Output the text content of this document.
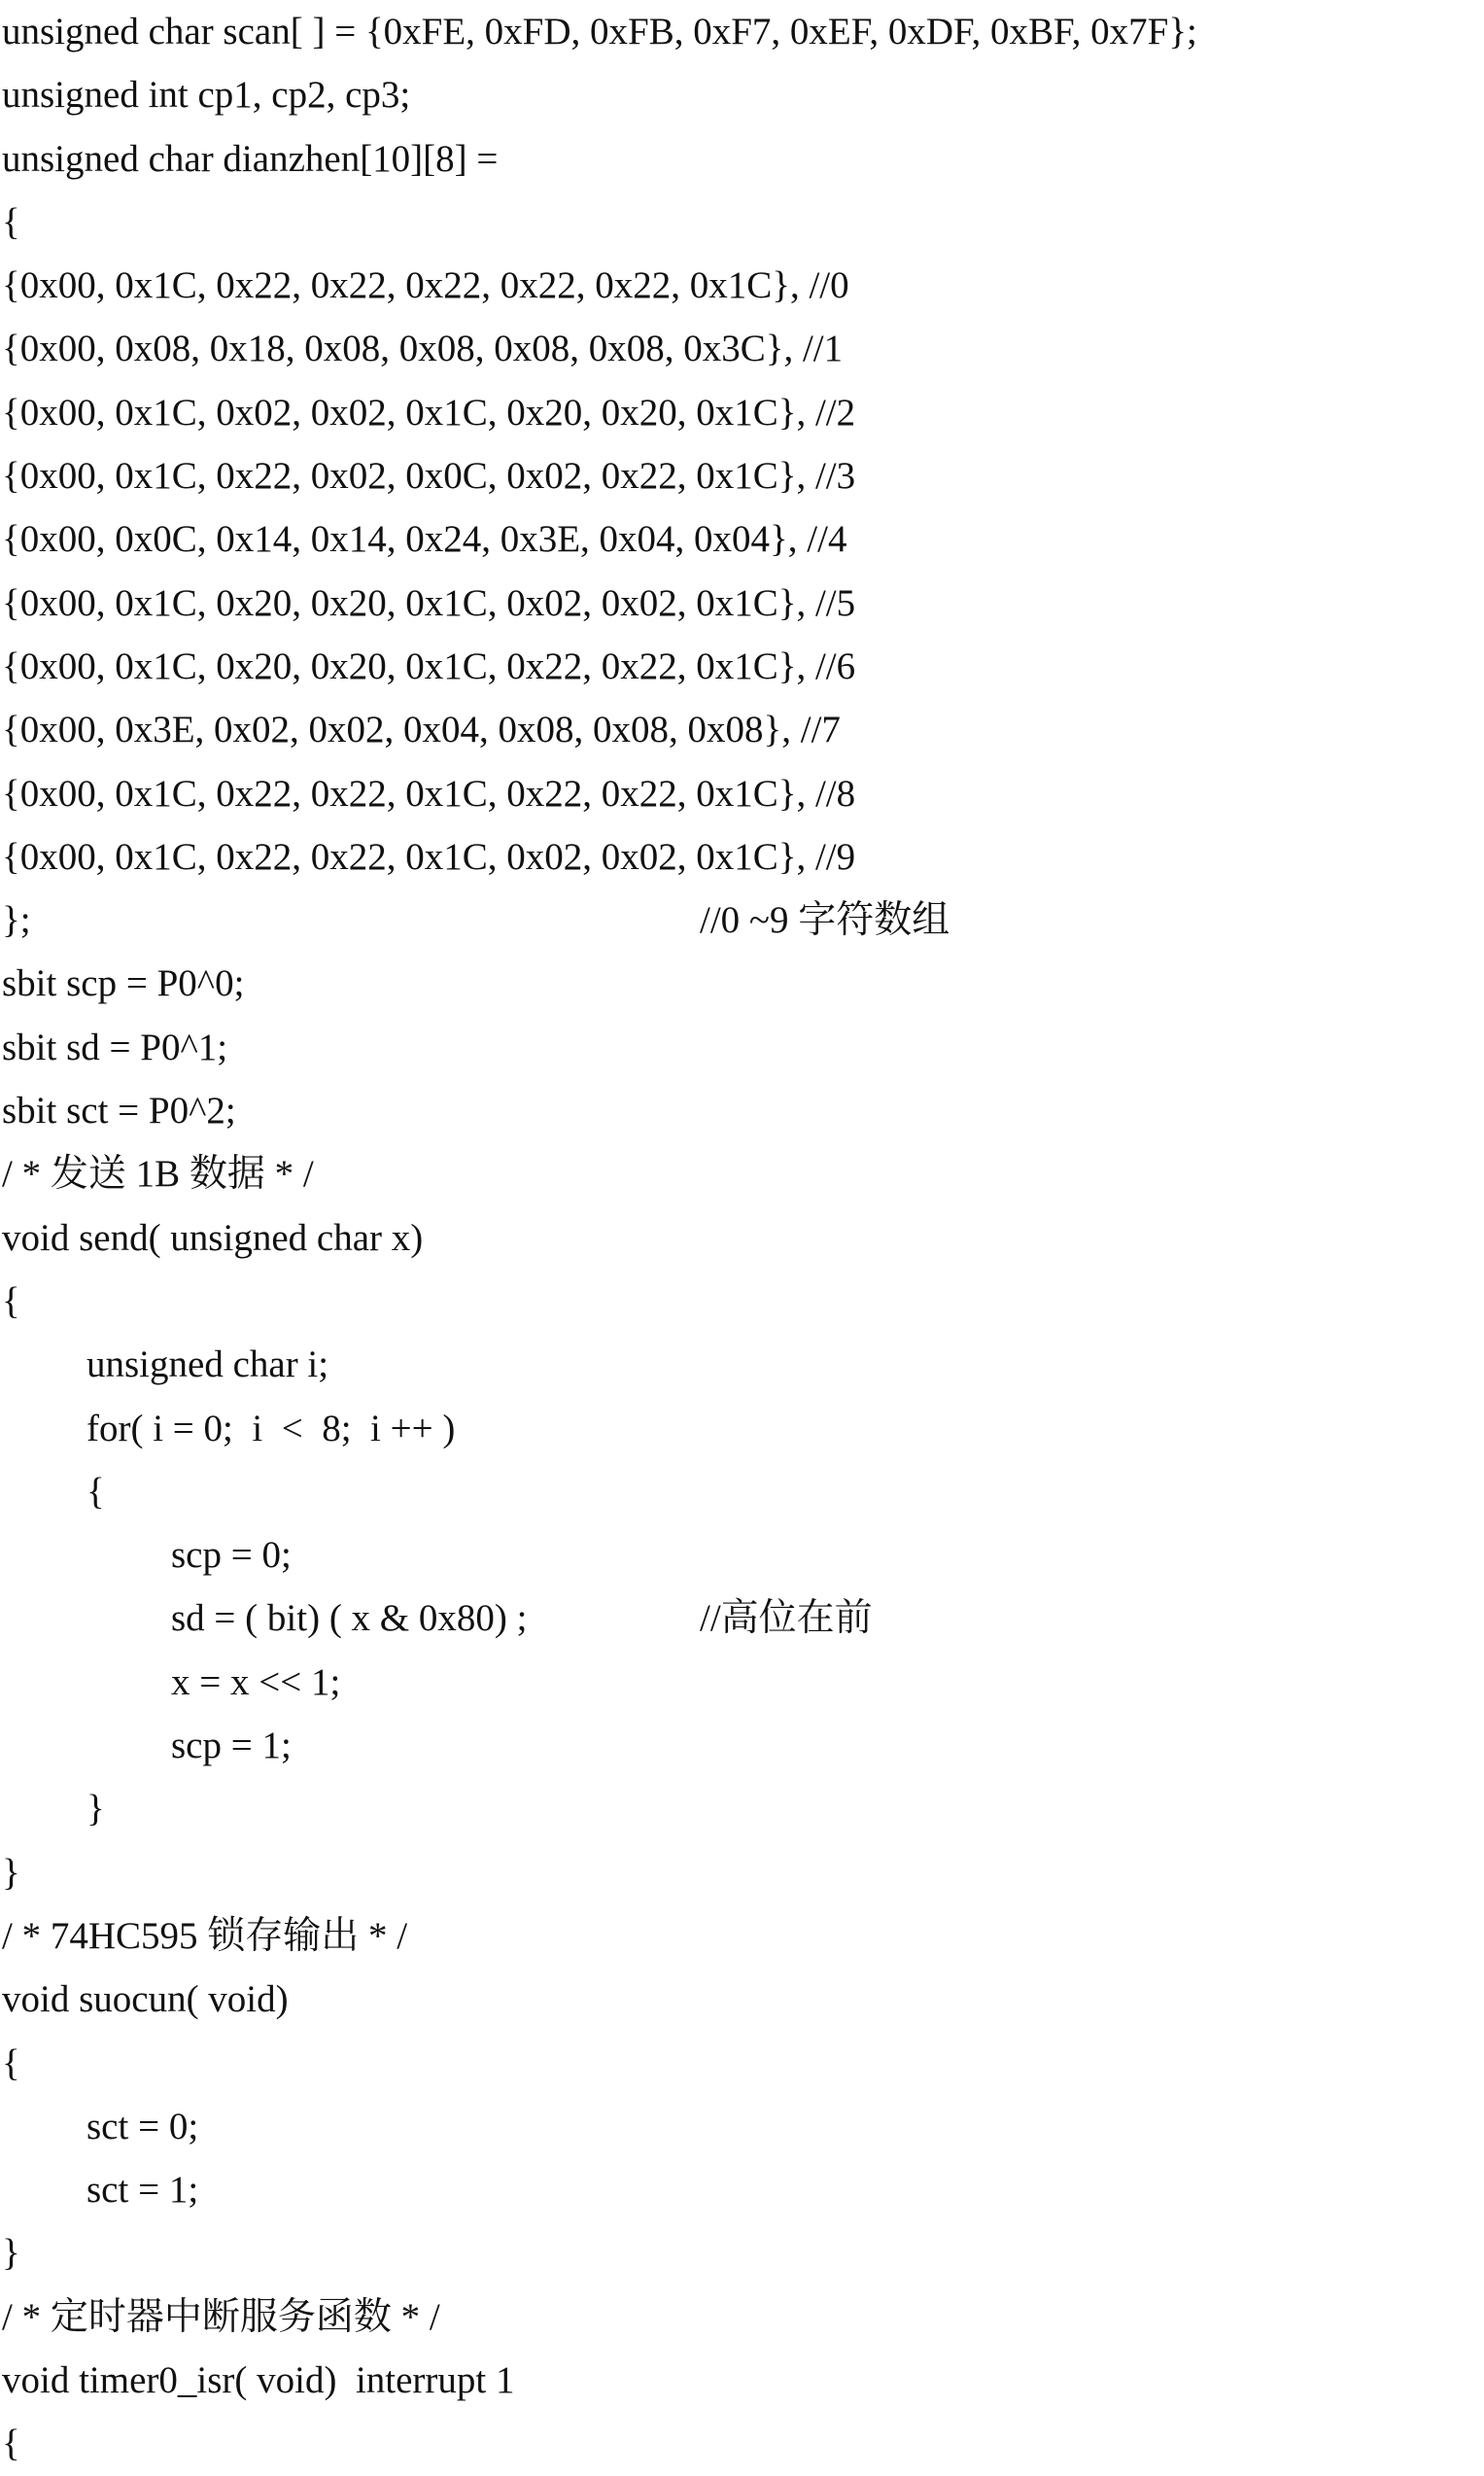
unsigned char scan[ ] = {0xFE, 0xFD, 0xFB, 0xF7, 0xEF, 0xDF, 0xBF, 0x7F};
unsigned int cp1, cp2, cp3;
unsigned char dianzhen[10][8] =
{
{0x00, 0x1C, 0x22, 0x22, 0x22, 0x22, 0x22, 0x1C}, //0
{0x00, 0x08, 0x18, 0x08, 0x08, 0x08, 0x08, 0x3C}, //1
{0x00, 0x1C, 0x02, 0x02, 0x1C, 0x20, 0x20, 0x1C}, //2
{0x00, 0x1C, 0x22, 0x02, 0x0C, 0x02, 0x22, 0x1C}, //3
{0x00, 0x0C, 0x14, 0x14, 0x24, 0x3E, 0x04, 0x04}, //4
{0x00, 0x1C, 0x20, 0x20, 0x1C, 0x02, 0x02, 0x1C}, //5
{0x00, 0x1C, 0x20, 0x20, 0x1C, 0x22, 0x22, 0x1C}, //6
{0x00, 0x3E, 0x02, 0x02, 0x04, 0x08, 0x08, 0x08}, //7
{0x00, 0x1C, 0x22, 0x22, 0x1C, 0x22, 0x22, 0x1C}, //8
{0x00, 0x1C, 0x22, 0x22, 0x1C, 0x02, 0x02, 0x1C}, //9
};	//0 ~9 字符数组
sbit scp = P0^0;
sbit sd = P0^1;
sbit sct = P0^2;
/ * 发送 1B 数据 * /
void send( unsigned char x)
{
unsigned char i;
for( i = 0;  i  <  8;  i ++ )
{
scp = 0;
sd = ( bit) ( x & 0x80) ;	//高位在前
x = x << 1;
scp = 1;
}
}
/ * 74HC595 锁存输出 * /
void suocun( void)
{
sct = 0;
sct = 1;
}
/ * 定时器中断服务函数 * /
void timer0_isr( void)  interrupt 1
{
